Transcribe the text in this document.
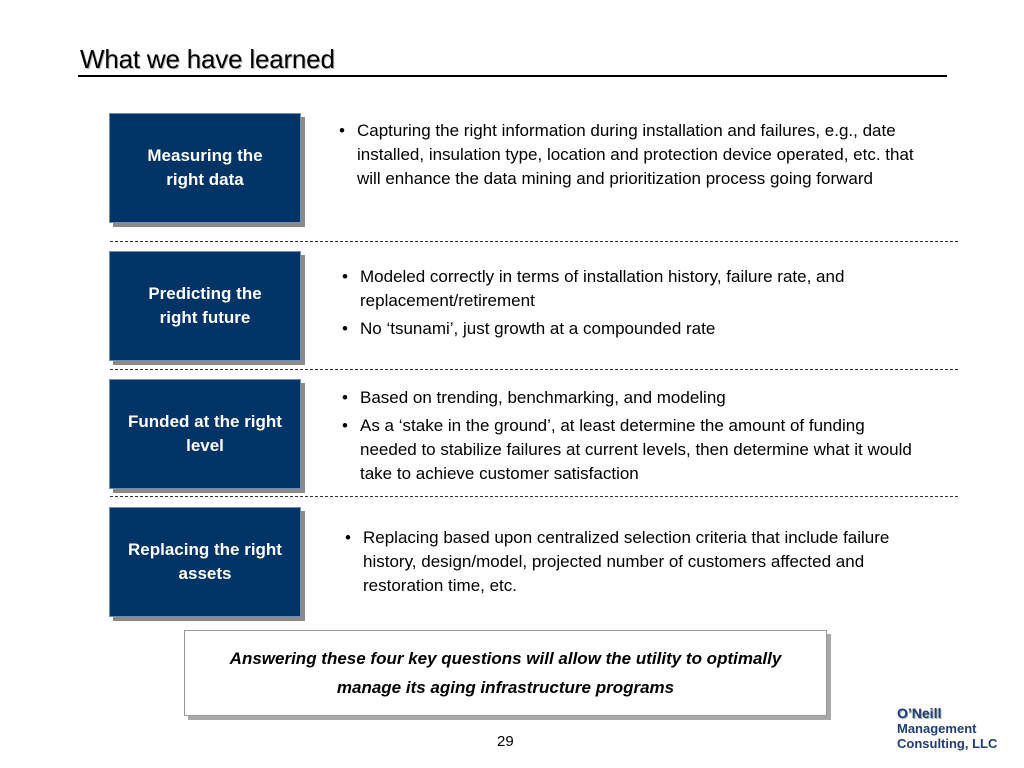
What we have learned
Measuring the right data
• Capturing the right information during installation and failures, e.g., date installed, insulation type, location and protection device operated, etc. that will enhance the data mining and prioritization process going forward
Predicting the right future
• Modeled correctly in terms of installation history, failure rate, and replacement/retirement
• No ‘tsunami’, just growth at a compounded rate
Funded at the right level
• Based on trending, benchmarking, and modeling
• As a ‘stake in the ground’, at least determine the amount of funding needed to stabilize failures at current levels, then determine what it would take to achieve customer satisfaction
Replacing the right assets
• Replacing based upon centralized selection criteria that include failure history, design/model, projected number of customers affected and restoration time, etc.
Answering these four key questions will allow the utility to optimally manage its aging infrastructure programs
29
O’Neill
Management
Consulting, LLC
